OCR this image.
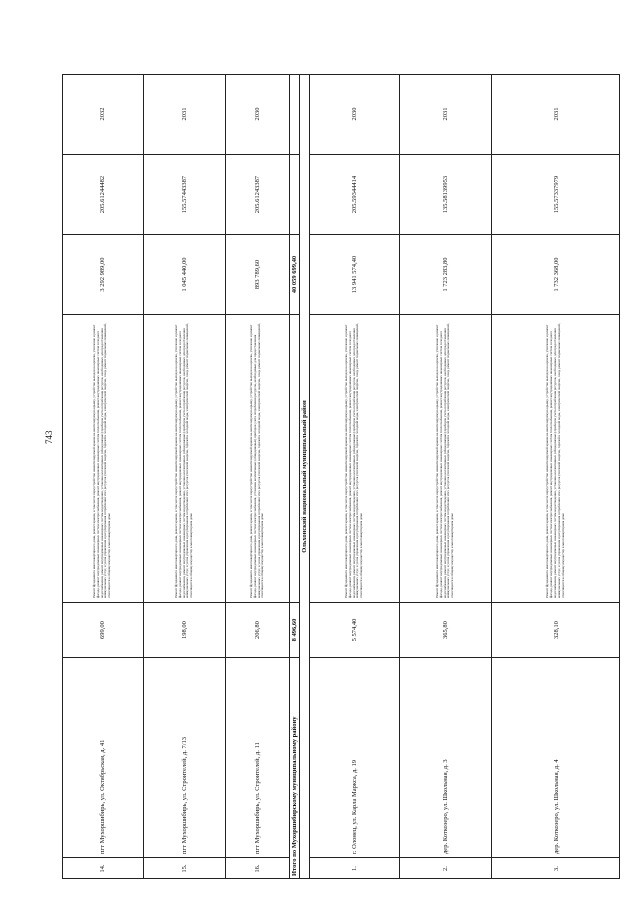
743
14.
пгт Мухоршибирь, ул. Октябрьская, д. 41
699,00
Ремонт фундамента многоквартирного дома, ремонт крыши, в том числе переустройство невентилируемой крыши на вентилируемую крышу, устройство выходов на кровлю, утепление и ремонт фасада, ремонт внутридомовых инженерных систем электроснабжения, ремонт внутридомовых инженерных систем теплоснабжения, ремонт внутридомовых инженерных систем холодного водоснабжения, ремонт внутридомовых инженерных систем водоотведения, установка коллективных (общедомовых) приборов учета потребления ресурсов, необходимых для предоставления коммунальных услуг, и узлов управления и регулирования потребления этих ресурсов (тепловой энергии, горячей и холодной воды, электрической энергии, газа), ремонт подвальных помещений, относящихся к общему имуществу в многоквартирном доме
3 292 989,00
205.61244482
2032
15.
пгт Мухоршибирь, ул. Строителей, д. 7/13
198,00
Ремонт фундамента многоквартирного дома, ремонт крыши, в том числе переустройство невентилируемой крыши на вентилируемую крышу, устройство выходов на кровлю, утепление и ремонт фасада, ремонт внутридомовых инженерных систем электроснабжения, ремонт внутридомовых инженерных систем теплоснабжения, ремонт внутридомовых инженерных систем холодного водоснабжения, ремонт внутридомовых инженерных систем водоотведения, установка коллективных (общедомовых) приборов учета потребления ресурсов, необходимых для предоставления коммунальных услуг, и узлов управления и регулирования потребления этих ресурсов (тепловой энергии, горячей и холодной воды, электрической энергии, газа), ремонт подвальных помещений, относящихся к общему имуществу в многоквартирном доме
1 045 440,00
155.57443387
2031
16.
пгт Мухоршибирь, ул. Строителей, д. 11
206,80
Ремонт фундамента многоквартирного дома, ремонт крыши, в том числе переустройство невентилируемой крыши на вентилируемую крышу, устройство выходов на кровлю, утепление и ремонт фасада, ремонт внутридомовых инженерных систем электроснабжения, установка коллективных (общедомовых) приборов учета потребления ресурсов, необходимых для предоставления коммунальных услуг, и узлов управления и регулирования потребления этих ресурсов (тепловой энергии, горячей и холодной воды, электрической энергии, газа), ремонт подвальных помещений, относящихся к общему имуществу в многоквартирном доме
893 789,60
205.61243387
2030
Итого по Мухоршибирскому муниципальному району
8 496,60
40 059 699,40
Ольхонский национальный муниципальный район
1.
г. Олонец, ул. Карла Маркса, д. 19
5 574,40
Ремонт фундамента многоквартирного дома, ремонт крыши, в том числе переустройство невентилируемой крыши на вентилируемую крышу, устройство выходов на кровлю, утепление и ремонт фасада, ремонт внутридомовых инженерных систем электроснабжения, ремонт внутридомовых инженерных систем теплоснабжения, ремонт внутридомовых инженерных систем холодного водоснабжения, ремонт внутридомовых инженерных систем водоотведения, установка коллективных (общедомовых) приборов учета потребления ресурсов, необходимых для предоставления коммунальных услуг, и узлов управления и регулирования потребления этих ресурсов (тепловой энергии, горячей и холодной воды, электрической энергии, газа), ремонт подвальных помещений, относящихся к общему имуществу в многоквартирном доме
13 941 574,40
205.59344414
2030
2.
дер. Коткозеро, ул. Школьная, д. 3
365,80
Ремонт фундамента многоквартирного дома, ремонт крыши, в том числе переустройство невентилируемой крыши на вентилируемую крышу, устройство выходов на кровлю, утепление и ремонт фасада, ремонт внутридомовых инженерных систем электроснабжения, ремонт внутридомовых инженерных систем теплоснабжения, ремонт внутридомовых инженерных систем холодного водоснабжения, ремонт внутридомовых инженерных систем водоотведения, установка коллективных (общедомовых) приборов учета потребления ресурсов, необходимых для предоставления коммунальных услуг, и узлов управления и регулирования потребления этих ресурсов (тепловой энергии, горячей и холодной воды, электрической энергии, газа), ремонт подвальных помещений, относящихся к общему имуществу в многоквартирном доме
1 723 283,80
135.58139953
2031
3.
дер. Коткозеро, ул. Школьная, д. 4
328,10
Ремонт фундамента многоквартирного дома, ремонт крыши, в том числе переустройство невентилируемой крыши на вентилируемую крышу, устройство выходов на кровлю, утепление и ремонт фасада, ремонт внутридомовых инженерных систем электроснабжения, ремонт внутридомовых инженерных систем теплоснабжения, ремонт внутридомовых инженерных систем холодного водоснабжения, ремонт внутридомовых инженерных систем водоотведения, установка коллективных (общедомовых) приборов учета потребления ресурсов, необходимых для предоставления коммунальных услуг, и узлов управления и регулирования потребления этих ресурсов (тепловой энергии, горячей и холодной воды, электрической энергии, газа), ремонт подвальных помещений, относящихся к общему имуществу в многоквартирном доме
1 732 368,00
155.57337979
2031
